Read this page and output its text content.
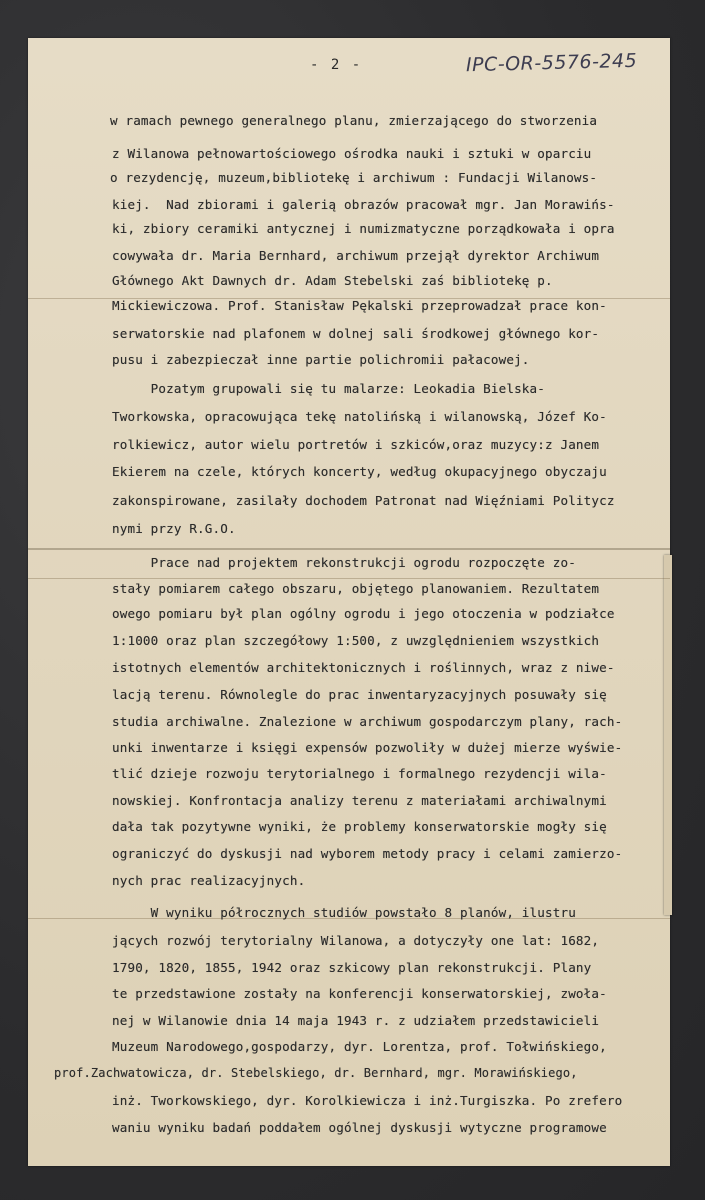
- 2 -	IPC-OR-5576-245
w ramach pewnego generalnego planu, zmierzającego do stworzenia
z Wilanowa pełnowartościowego ośrodka nauki i sztuki w oparciu
o rezydencję, muzeum,bibliotekę i archiwum : Fundacji Wilanows-
kiej.  Nad zbiorami i galerią obrazów pracował mgr. Jan Morawińs-
ki, zbiory ceramiki antycznej i numizmatyczne porządkowała i opra
cowywała dr. Maria Bernhard, archiwum przejął dyrektor Archiwum
Głównego Akt Dawnych dr. Adam Stebelski zaś bibliotekę p.
Mickiewiczowa. Prof. Stanisław Pękalski przeprowadzał prace kon-
serwatorskie nad plafonem w dolnej sali środkowej głównego kor-
pusu i zabezpieczał inne partie polichromii pałacowej.
Pozatym grupowali się tu malarze: Leokadia Bielska-
Tworkowska, opracowująca tekę natolińską i wilanowską, Józef Ko-
rolkiewicz, autor wielu portretów i szkiców,oraz muzycy:z Janem
Ekierem na czele, których koncerty, według okupacyjnego obyczaju
zakonspirowane, zasilały dochodem Patronat nad Więźniami Politycz
nymi przy R.G.O.
Prace nad projektem rekonstrukcji ogrodu rozpoczęte zo-
stały pomiarem całego obszaru, objętego planowaniem. Rezultatem
owego pomiaru był plan ogólny ogrodu i jego otoczenia w podziałce
1:1000 oraz plan szczegółowy 1:500, z uwzględnieniem wszystkich
istotnych elementów architektonicznych i roślinnych, wraz z niwe-
lacją terenu. Równolegle do prac inwentaryzacyjnych posuwały się
studia archiwalne. Znalezione w archiwum gospodarczym plany, rach-
unki inwentarze i księgi expensów pozwoliły w dużej mierze wyświe-
tlić dzieje rozwoju terytorialnego i formalnego rezydencji wila-
nowskiej. Konfrontacja analizy terenu z materiałami archiwalnymi
dała tak pozytywne wyniki, że problemy konserwatorskie mogły się
ograniczyć do dyskusji nad wyborem metody pracy i celami zamierzo-
nych prac realizacyjnych.
W wyniku półrocznych studiów powstało 8 planów, ilustru
jących rozwój terytorialny Wilanowa, a dotyczyły one lat: 1682,
1790, 1820, 1855, 1942 oraz szkicowy plan rekonstrukcji. Plany
te przedstawione zostały na konferencji konserwatorskiej, zwoła-
nej w Wilanowie dnia 14 maja 1943 r. z udziałem przedstawicieli
Muzeum Narodowego,gospodarzy, dyr. Lorentza, prof. Tołwińskiego,
prof.Zachwatowicza, dr. Stebelskiego, dr. Bernhard, mgr. Morawińskiego,
inż. Tworkowskiego, dyr. Korolkiewicza i inż.Turgiszka. Po zrefero
waniu wyniku badań poddałem ogólnej dyskusji wytyczne programowe
